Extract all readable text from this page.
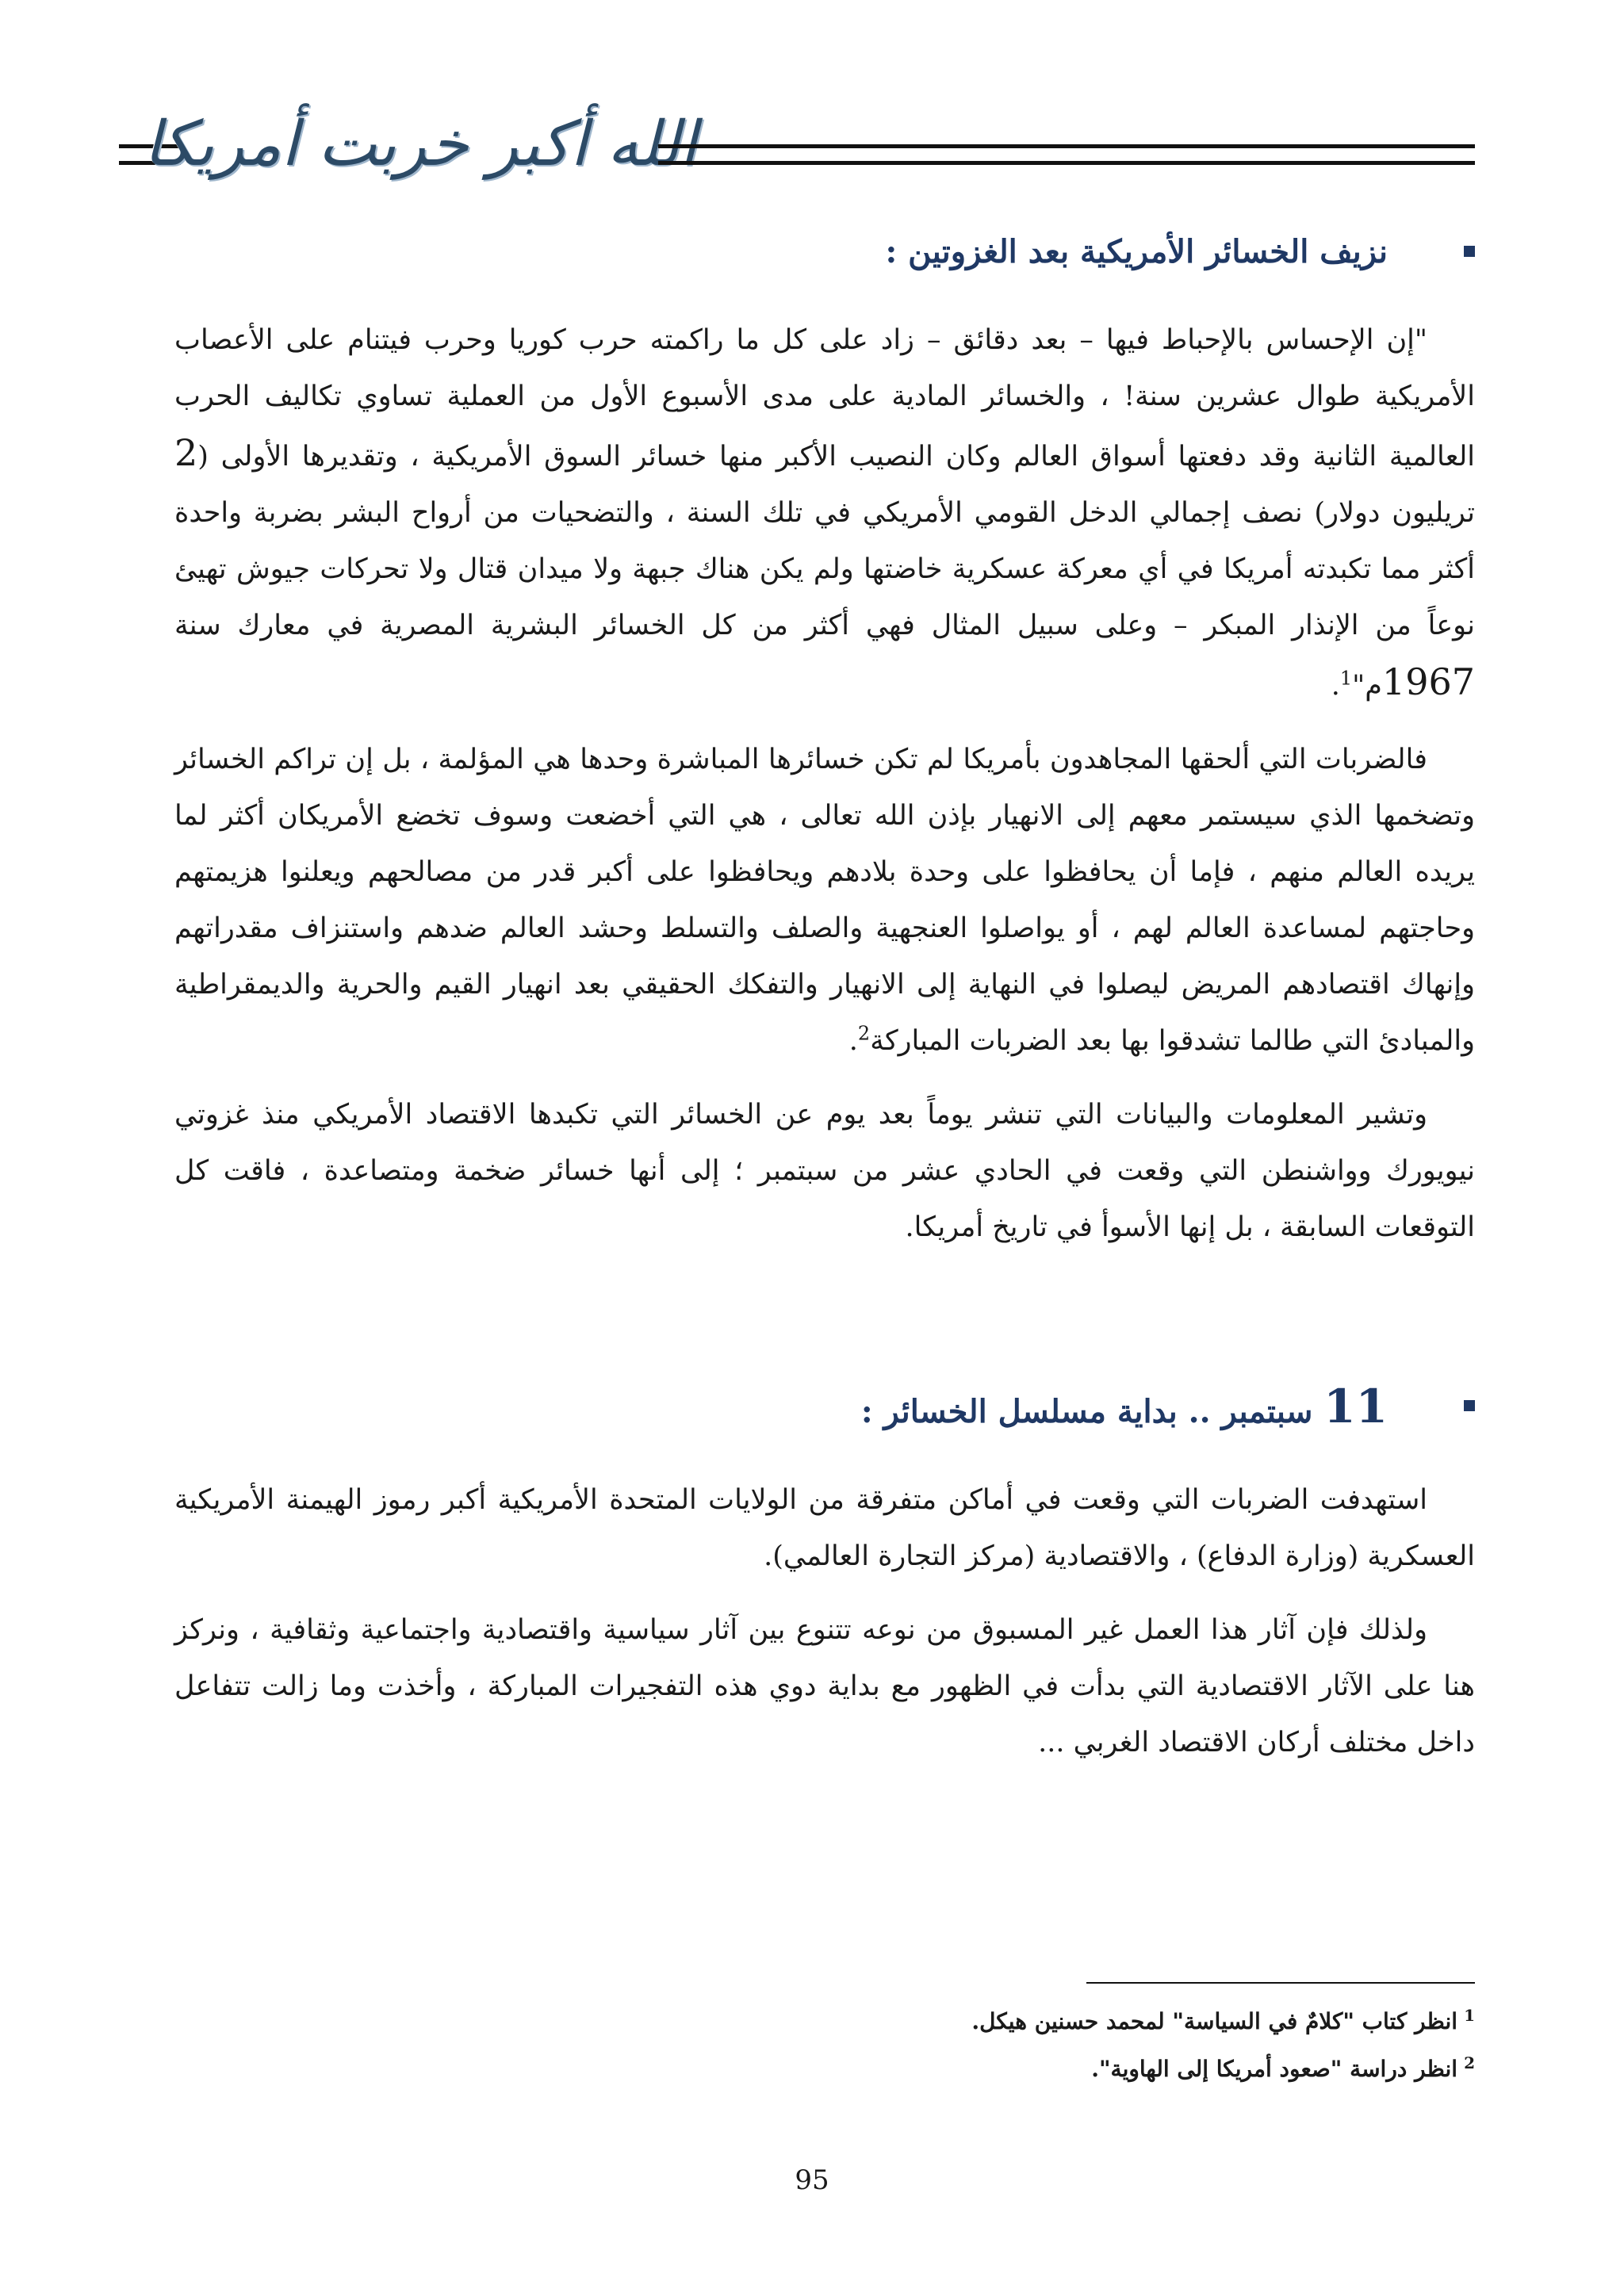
الله أكبر خربت أمريكا
نزيف الخسائر الأمريكية بعد الغزوتين :

"إن الإحساس بالإحباط فيها – بعد دقائق – زاد على كل ما راكمته حرب كوريا وحرب فيتنام على الأعصاب الأمريكية طوال عشرين سنة! ، والخسائر المادية على مدى الأسبوع الأول من العملية تساوي تكاليف الحرب العالمية الثانية وقد دفعتها أسواق العالم وكان النصيب الأكبر منها خسائر السوق الأمريكية ، وتقديرها الأولى (2 تريليون دولار) نصف إجمالي الدخل القومي الأمريكي في تلك السنة ، والتضحيات من أرواح البشر بضربة واحدة أكثر مما تكبدته أمريكا في أي معركة عسكرية خاضتها ولم يكن هناك جبهة ولا ميدان قتال ولا تحركات جيوش تهيئ نوعاً من الإنذار المبكر – وعلى سبيل المثال فهي أكثر من كل الخسائر البشرية المصرية في معارك سنة 1967م"$^1$.

فالضربات التي ألحقها المجاهدون بأمريكا لم تكن خسائرها المباشرة وحدها هي المؤلمة ، بل إن تراكم الخسائر وتضخمها الذي سيستمر معهم إلى الانهيار بإذن الله تعالى ، هي التي أخضعت وسوف تخضع الأمريكان أكثر لما يريده العالم منهم ، فإما أن يحافظوا على وحدة بلادهم ويحافظوا على أكبر قدر من مصالحهم ويعلنوا هزيمتهم وحاجتهم لمساعدة العالم لهم ، أو يواصلوا العنجهية والصلف والتسلط وحشد العالم ضدهم واستنزاف مقدراتهم وإنهاك اقتصادهم المريض ليصلوا في النهاية إلى الانهيار والتفكك الحقيقي بعد انهيار القيم والحرية والديمقراطية والمبادئ التي طالما تشدقوا بها بعد الضربات المباركة$^2$.

وتشير المعلومات والبيانات التي تنشر يوماً بعد يوم عن الخسائر التي تكبدها الاقتصاد الأمريكي منذ غزوتي نيويورك وواشنطن التي وقعت في الحادي عشر من سبتمبر ؛ إلى أنها خسائر ضخمة ومتصاعدة ، فاقت كل التوقعات السابقة ، بل إنها الأسوأ في تاريخ أمريكا.

11 سبتمبر .. بداية مسلسل الخسائر :

استهدفت الضربات التي وقعت في أماكن متفرقة من الولايات المتحدة الأمريكية أكبر رموز الهيمنة الأمريكية العسكرية (وزارة الدفاع) ، والاقتصادية (مركز التجارة العالمي).

ولذلك فإن آثار هذا العمل غير المسبوق من نوعه تتنوع بين آثار سياسية واقتصادية واجتماعية وثقافية ، ونركز هنا على الآثار الاقتصادية التي بدأت في الظهور مع بداية دوي هذه التفجيرات المباركة ، وأخذت وما زالت تتفاعل داخل مختلف أركان الاقتصاد الغربي ...

$^1$انظر كتاب "كلامٌ في السياسة" لمحمد حسنين هيكل.

$^2$انظر دراسة "صعود أمريكا إلى الهاوية".

95
